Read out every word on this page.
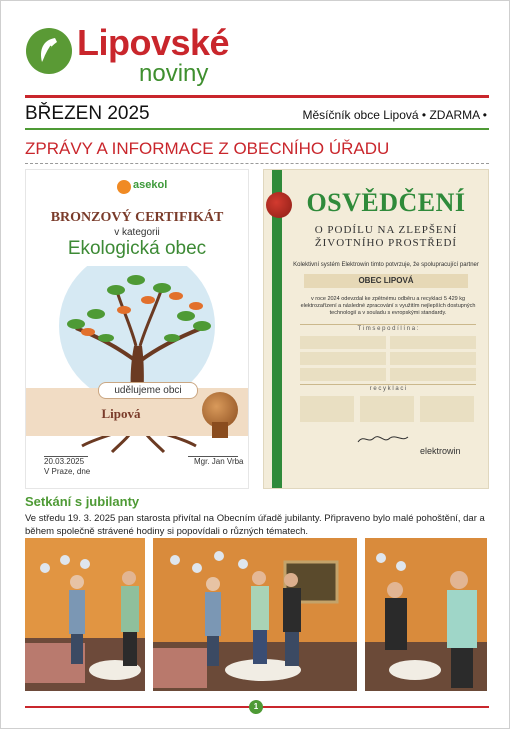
Lipovské
noviny
BŘEZEN 2025	Měsíčník obce Lipová • ZDARMA •
ZPRÁVY A INFORMACE Z OBECNÍHO ÚŘADU
asekol
BRONZOVÝ CERTIFIKÁT
v kategorii
Ekologická obec
udělujeme obci
Lipová
20.03.2025
V Praze, dne
Mgr. Jan Vrba
OSVĚDČENÍ
O PODÍLU NA ZLEPŠENÍ ŽIVOTNÍHO PROSTŘEDÍ
Kolektivní systém Elektrowin timto potvrzuje, že spolupracující partner
OBEC LIPOVÁ
v roce 2024 odevzdal ke zpětnému odběru a recyklaci 5 429 kg elektrozařízení a následné zpracování s využitím nejlepších dostupných technologií a v souladu s evropskými standardy.
T i m s e p o d í l í n a :
r e c y k l a c i
elektrowin
Setkání s jubilanty
Ve středu 19. 3. 2025 pan starosta přivítal na Obecním úřadě jubilanty. Připraveno bylo malé pohoštění, dar a během společně strávené hodiny si popovídali o různých tématech.
1
